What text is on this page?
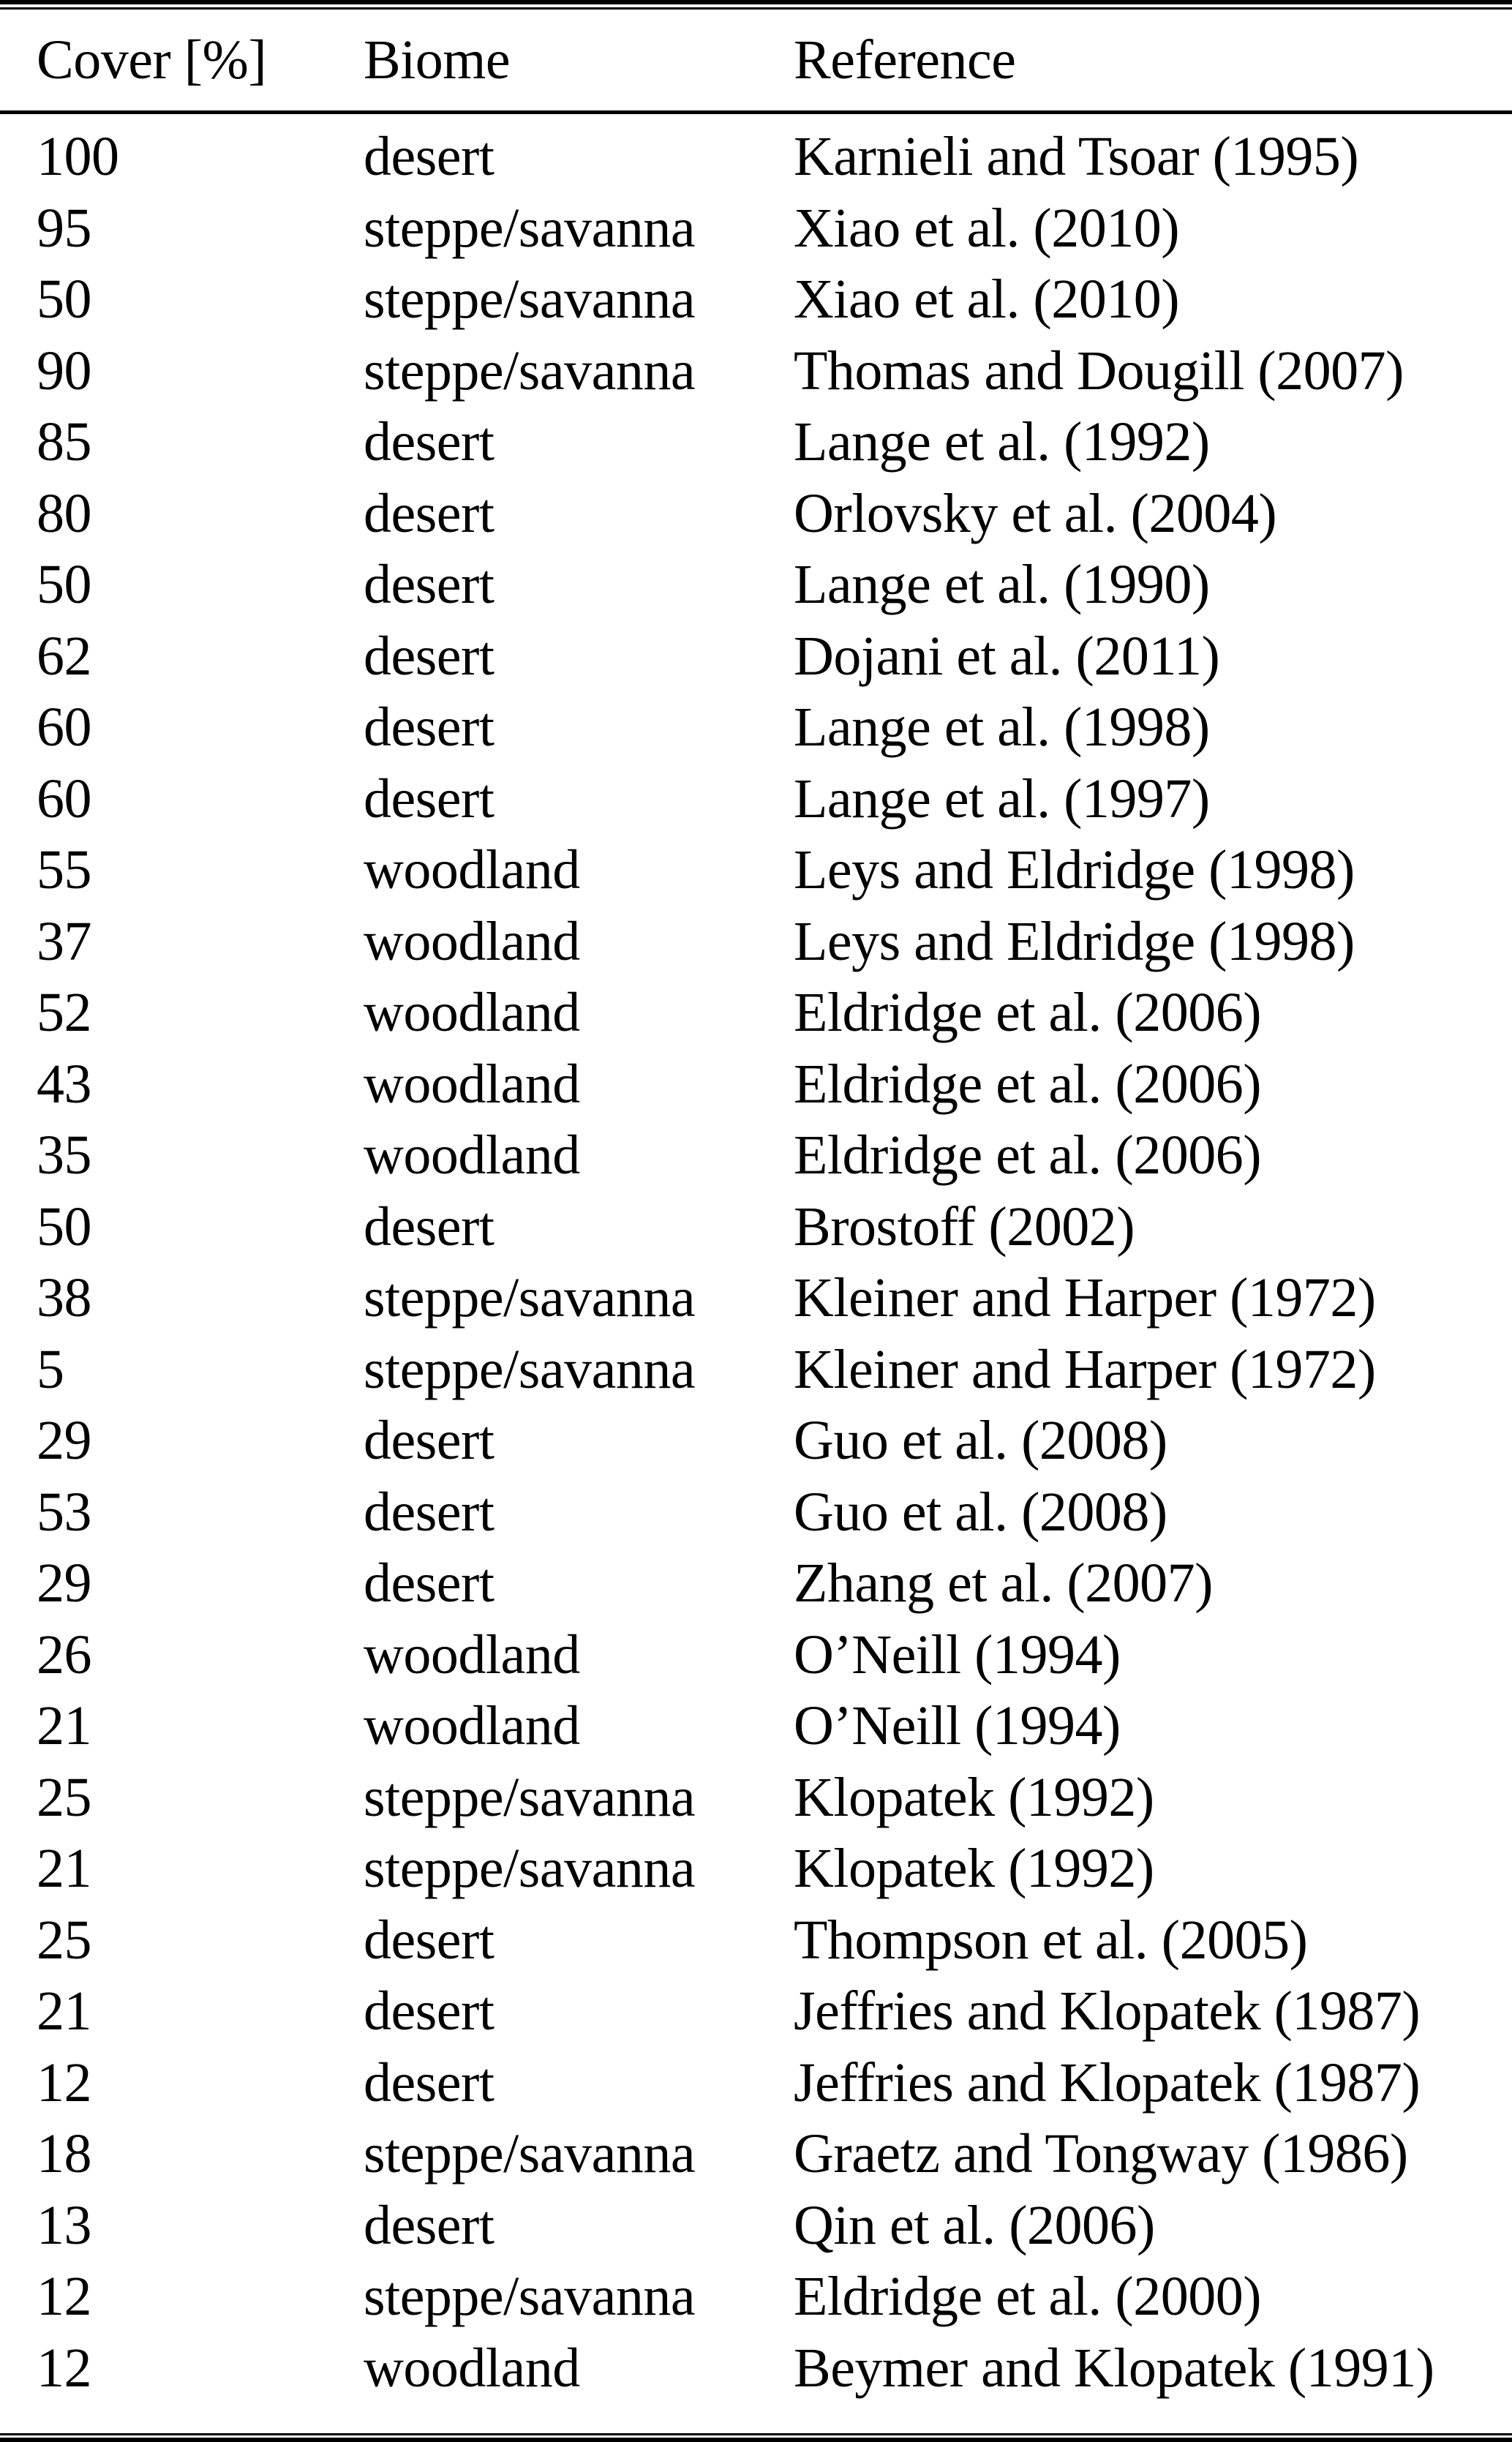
Cover [%]	Biome	Reference
100	desert	Karnieli and Tsoar (1995)
95	steppe/savanna	Xiao et al. (2010)
50	steppe/savanna	Xiao et al. (2010)
90	steppe/savanna	Thomas and Dougill (2007)
85	desert	Lange et al. (1992)
80	desert	Orlovsky et al. (2004)
50	desert	Lange et al. (1990)
62	desert	Dojani et al. (2011)
60	desert	Lange et al. (1998)
60	desert	Lange et al. (1997)
55	woodland	Leys and Eldridge (1998)
37	woodland	Leys and Eldridge (1998)
52	woodland	Eldridge et al. (2006)
43	woodland	Eldridge et al. (2006)
35	woodland	Eldridge et al. (2006)
50	desert	Brostoff (2002)
38	steppe/savanna	Kleiner and Harper (1972)
5	steppe/savanna	Kleiner and Harper (1972)
29	desert	Guo et al. (2008)
53	desert	Guo et al. (2008)
29	desert	Zhang et al. (2007)
26	woodland	O’Neill (1994)
21	woodland	O’Neill (1994)
25	steppe/savanna	Klopatek (1992)
21	steppe/savanna	Klopatek (1992)
25	desert	Thompson et al. (2005)
21	desert	Jeffries and Klopatek (1987)
12	desert	Jeffries and Klopatek (1987)
18	steppe/savanna	Graetz and Tongway (1986)
13	desert	Qin et al. (2006)
12	steppe/savanna	Eldridge et al. (2000)
12	woodland	Beymer and Klopatek (1991)
